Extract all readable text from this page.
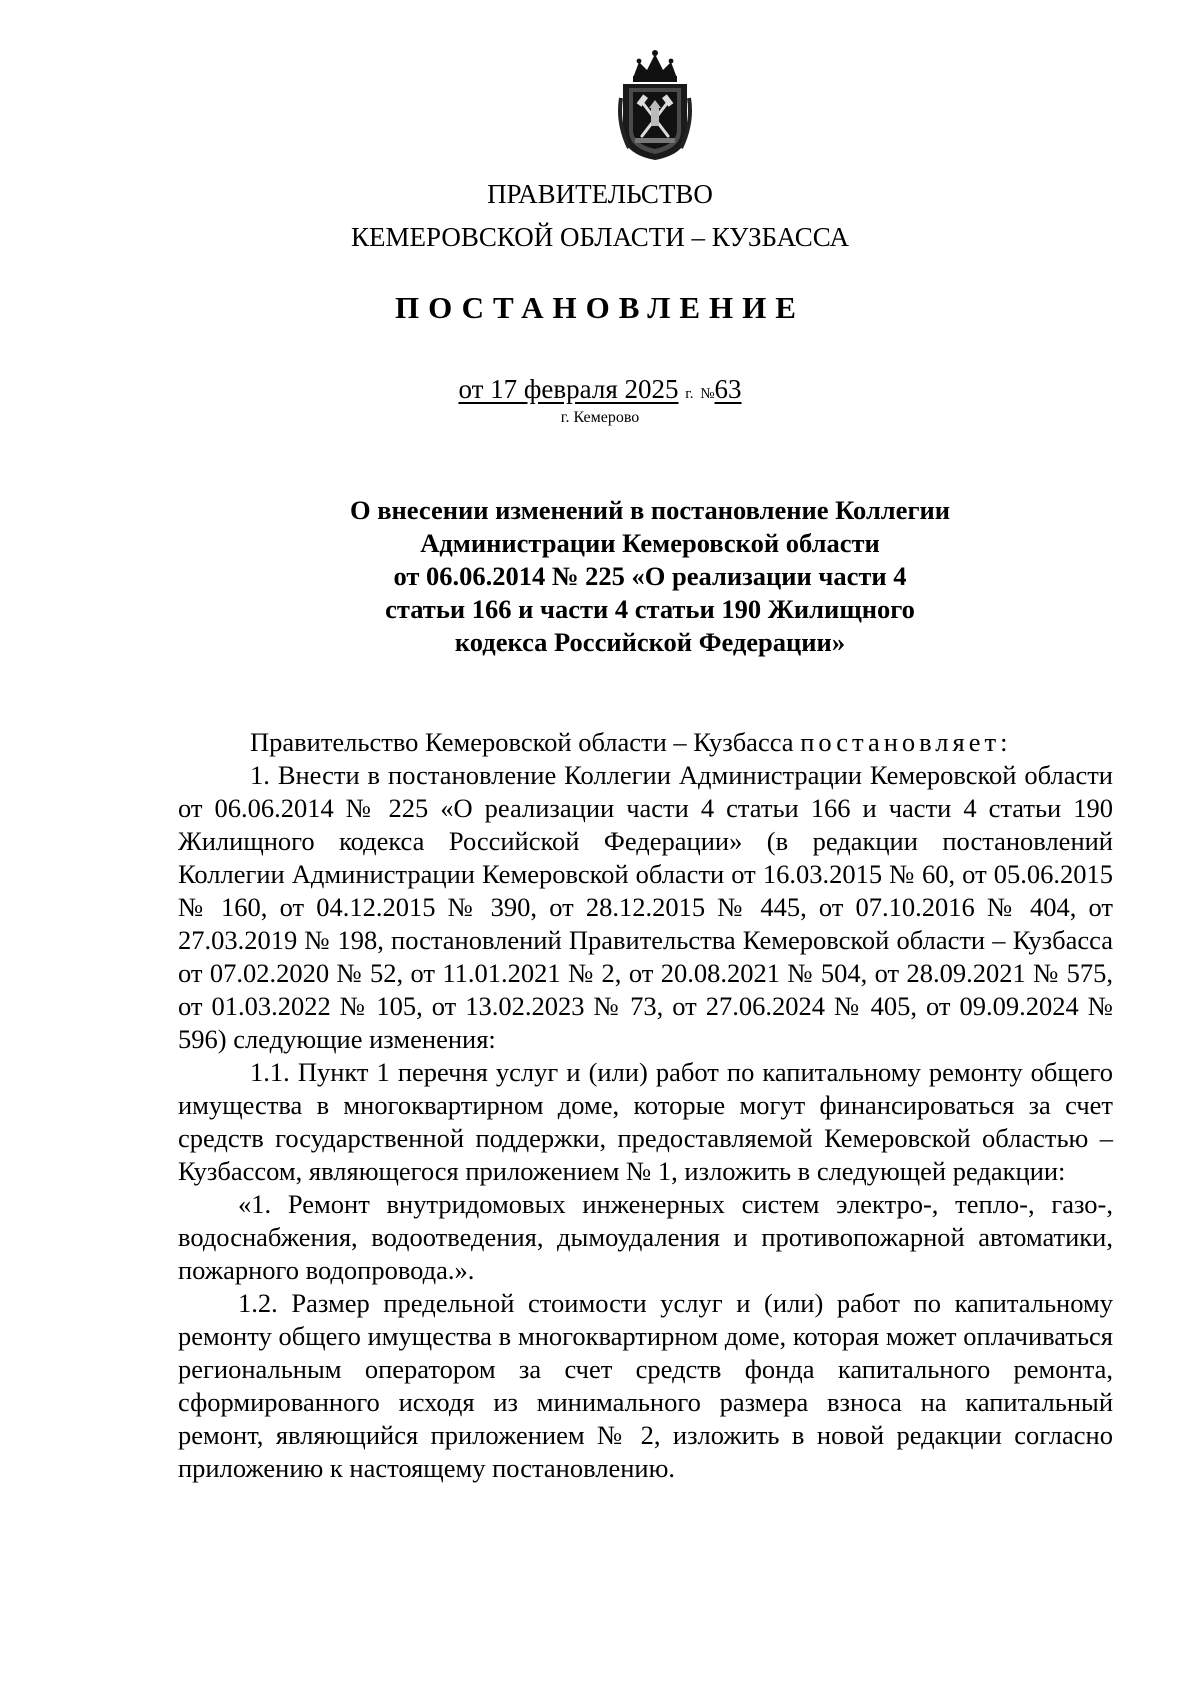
ПРАВИТЕЛЬСТВО
КЕМЕРОВСКОЙ ОБЛАСТИ – КУЗБАССА
ПОСТАНОВЛЕНИЕ
от 17 февраля 2025 г. №63
г. Кемерово
О внесении изменений в постановление Коллегии
Администрации Кемеровской области
от 06.06.2014 № 225 «О реализации части 4
статьи 166 и части 4 статьи 190 Жилищного
кодекса Российской Федерации»

Правительство Кемеровской области – Кузбасса постановляет:

1. Внести в постановление Коллегии Администрации Кемеровской области от 06.06.2014 № 225 «О реализации части 4 статьи 166 и части 4 статьи 190 Жилищного кодекса Российской Федерации» (в редакции постановлений Коллегии Администрации Кемеровской области от 16.03.2015 № 60, от 05.06.2015 № 160, от 04.12.2015 № 390, от 28.12.2015 № 445, от 07.10.2016 № 404, от 27.03.2019 № 198, постановлений Правительства Кемеровской области – Кузбасса от 07.02.2020 № 52, от 11.01.2021 № 2, от 20.08.2021 № 504, от 28.09.2021 № 575, от 01.03.2022 № 105, от 13.02.2023 № 73, от 27.06.2024 № 405, от 09.09.2024 № 596) следующие изменения:

1.1. Пункт 1 перечня услуг и (или) работ по капитальному ремонту общего имущества в многоквартирном доме, которые могут финансироваться за счет средств государственной поддержки, предоставляемой Кемеровской областью – Кузбассом, являющегося приложением № 1, изложить в следующей редакции:

«1. Ремонт внутридомовых инженерных систем электро-, тепло-, газо-, водоснабжения, водоотведения, дымоудаления и противопожарной автоматики, пожарного водопровода.».

1.2. Размер предельной стоимости услуг и (или) работ по капитальному ремонту общего имущества в многоквартирном доме, которая может оплачиваться региональным оператором за счет средств фонда капитального ремонта, сформированного исходя из минимального размера взноса на капитальный ремонт, являющийся приложением № 2, изложить в новой редакции согласно приложению к настоящему постановлению.
